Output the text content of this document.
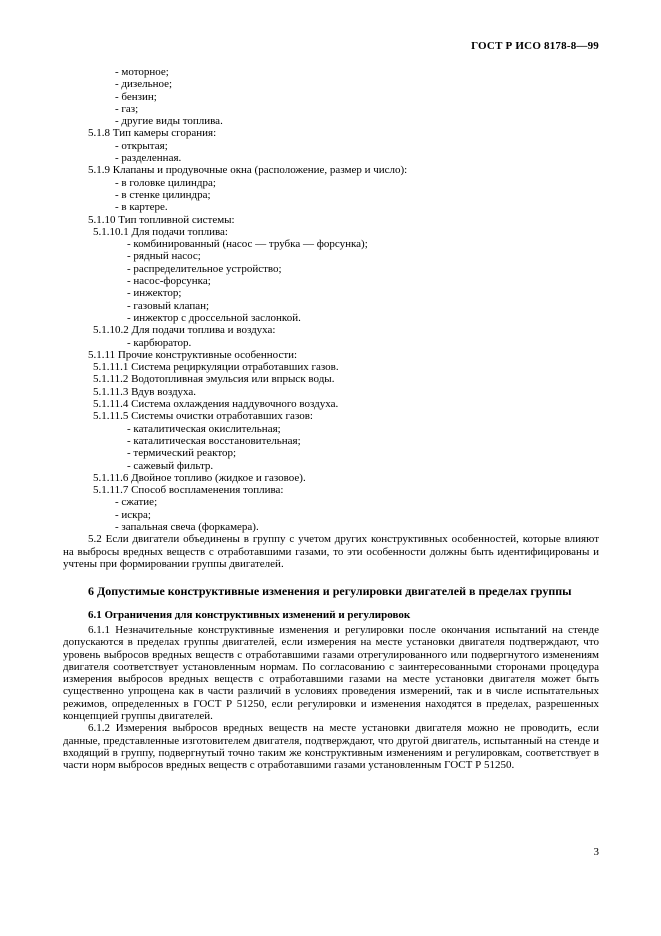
ГОСТ Р ИСО 8178-8—99
- моторное;
- дизельное;
- бензин;
- газ;
- другие виды топлива.
5.1.8 Тип камеры сгорания:
- открытая;
- разделенная.
5.1.9 Клапаны и продувочные окна (расположение, размер и число):
- в головке цилиндра;
- в стенке цилиндра;
- в картере.
5.1.10 Тип топливной системы:
5.1.10.1 Для подачи топлива:
- комбинированный (насос — трубка — форсунка);
- рядный насос;
- распределительное устройство;
- насос-форсунка;
- инжектор;
- газовый клапан;
- инжектор с дроссельной заслонкой.
5.1.10.2 Для подачи топлива и воздуха:
- карбюратор.
5.1.11 Прочие конструктивные особенности:
5.1.11.1 Система рециркуляции отработавших газов.
5.1.11.2 Водотопливная эмульсия или впрыск воды.
5.1.11.3 Вдув воздуха.
5.1.11.4 Система охлаждения наддувочного воздуха.
5.1.11.5 Системы очистки отработавших газов:
- каталитическая окислительная;
- каталитическая восстановительная;
- термический реактор;
- сажевый фильтр.
5.1.11.6 Двойное топливо (жидкое и газовое).
5.1.11.7 Способ воспламенения топлива:
- сжатие;
- искра;
- запальная свеча (форкамера).
5.2 Если двигатели объединены в группу с учетом других конструктивных особенностей, которые влияют на выбросы вредных веществ с отработавшими газами, то эти особенности должны быть идентифицированы и учтены при формировании группы двигателей.
6 Допустимые конструктивные изменения и регулировки двигателей в пределах группы
6.1 Ограничения для конструктивных изменений и регулировок
6.1.1 Незначительные конструктивные изменения и регулировки после окончания испытаний на стенде допускаются в пределах группы двигателей, если измерения на месте установки двигателя подтверждают, что уровень выбросов вредных веществ с отработавшими газами отрегулированного или подвергнутого изменениям двигателя соответствует установленным нормам. По согласованию с заинтересованными сторонами процедура измерения выбросов вредных веществ с отработавшими газами на месте установки двигателя может быть существенно упрощена как в части различий в условиях проведения измерений, так и в числе испытательных режимов, определенных в ГОСТ Р 51250, если регулировки и изменения находятся в пределах, разрешенных концепцией группы двигателей.
6.1.2 Измерения выбросов вредных веществ на месте установки двигателя можно не проводить, если данные, представленные изготовителем двигателя, подтверждают, что другой двигатель, испытанный на стенде и входящий в группу, подвергнутый точно таким же конструктивным изменениям и регулировкам, соответствует в части норм выбросов вредных веществ с отработавшими газами установленным ГОСТ Р 51250.
3
